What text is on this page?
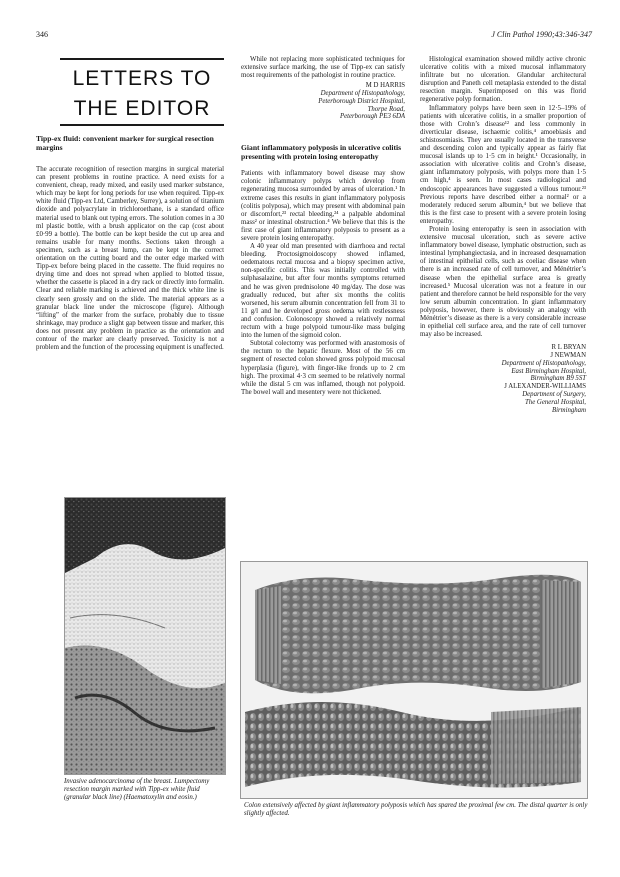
346	J Clin Pathol 1990;43:346-347
LETTERS TO
THE EDITOR
Tipp-ex fluid: convenient marker for surgical resection margins

The accurate recognition of resection margins in surgical material can present problems in routine practice. A need exists for a convenient, cheap, ready mixed, and easily used marker substance, which may be kept for long periods for use when required. Tipp-ex white fluid (Tipp-ex Ltd, Camberley, Surrey), a solution of titanium dioxide and polyacrylate in trichloroethane, is a standard office material used to blank out typing errors. The solution comes in a 30 ml plastic bottle, with a brush applicator on the cap (cost about £0·99 a bottle). The bottle can be kept beside the cut up area and remains usable for many months. Sections taken through a specimen, such as a breast lump, can be kept in the correct orientation on the cutting board and the outer edge marked with Tipp-ex before being placed in the cassette. The fluid requires no drying time and does not spread when applied to blotted tissue, whether the cassette is placed in a dry rack or directly into formalin. Clear and reliable marking is achieved and the thick white line is clearly seen grossly and on the slide. The material appears as a granular black line under the microscope (figure). Although “lifting” of the marker from the surface, probably due to tissue shrinkage, may produce a slight gap between tissue and marker, this does not present any problem in practice as the orientation and contour of the marker are clearly preserved. Toxicity is not a problem and the function of the processing equipment is unaffected.

Invasive adenocarcinoma of the breast. Lumpectomy resection margin marked with Tipp-ex white fluid (granular black line) (Haematoxylin and eosin.)

While not replacing more sophisticated techniques for extensive surface marking, the use of Tipp-ex can satisfy most requirements of the pathologist in routine practice.

M D HARRIS
Department of Histopathology,
Peterborough District Hospital,
Thorpe Road,
Peterborough PE3 6DA
Giant inflammatory polyposis in ulcerative colitis presenting with protein losing enteropathy

Patients with inflammatory bowel disease may show colonic inflammatory polyps which develop from regenerating mucosa surrounded by areas of ulceration.¹ In extreme cases this results in giant inflammatory polyposis (colitis polyposa), which may present with abdominal pain or discomfort,²³ rectal bleeding,²⁴ a palpable abdominal mass² or intestinal obstruction.⁴ We believe that this is the first case of giant inflammatory polyposis to present as a severe protein losing enteropathy.

A 40 year old man presented with diarrhoea and rectal bleeding. Proctosigmoidoscopy showed inflamed, oedematous rectal mucosa and a biopsy specimen active, non-specific colitis. This was initially controlled with sulphasalazine, but after four months symptoms returned and he was given prednisolone 40 mg/day. The dose was gradually reduced, but after six months the colitis worsened, his serum albumin concentration fell from 31 to 11 g/l and he developed gross oedema with restlessness and confusion. Colonoscopy showed a relatively normal rectum with a huge polypoid tumour-like mass bulging into the lumen of the sigmoid colon.

Subtotal colectomy was performed with anastomosis of the rectum to the hepatic flexure. Most of the 56 cm segment of resected colon showed gross polypoid mucosal hyperplasia (figure), with finger-like fronds up to 2 cm high. The proximal 4·3 cm seemed to be relatively normal while the distal 5 cm was inflamed, though not polypoid. The bowel wall and mesentery were not thickened.

Histological examination showed mildly active chronic ulcerative colitis with a mixed mucosal inflammatory infiltrate but no ulceration. Glandular architectural disruption and Paneth cell metaplasia extended to the distal resection margin. Superimposed on this was florid regenerative polyp formation.

Inflammatory polyps have been seen in 12·5–19% of patients with ulcerative colitis, in a smaller proportion of those with Crohn’s disease¹² and less commonly in diverticular disease, ischaemic colitis,⁴ amoebiasis and schistosomiasis. They are usually located in the transverse and descending colon and typically appear as fairly flat mucosal islands up to 1·5 cm in height.¹ Occasionally, in association with ulcerative colitis and Crohn’s disease, giant inflammatory polyposis, with polyps more than 1·5 cm high,⁴ is seen. In most cases radiological and endoscopic appearances have suggested a villous tumour.²³ Previous reports have described either a normal² or a moderately reduced serum albumin,⁴ but we believe that this is the first case to present with a severe protein losing enteropathy.

Protein losing enteropathy is seen in association with extensive mucosal ulceration, such as severe active inflammatory bowel disease, lymphatic obstruction, such as intestinal lymphangiectasia, and in increased desquamation of intestinal epithelial cells, such as coeliac disease when there is an increased rate of cell turnover, and Ménétrier’s disease when the epithelial surface area is greatly increased.⁵ Mucosal ulceration was not a feature in our patient and therefore cannot be held responsible for the very low serum albumin concentration. In giant inflammatory polyposis, however, there is obviously an analogy with Ménétrier’s disease as there is a very considerable increase in epithelial cell surface area, and the rate of cell turnover may also be increased.

R L BRYAN
J NEWMAN
Department of Histopathology,
East Birmingham Hospital,
Birmingham B9 5ST
J ALEXANDER-WILLIAMS
Department of Surgery,
The General Hospital,
Birmingham
Colon extensively affected by giant inflammatory polyposis which has spared the proximal few cm. The distal quarter is only slightly affected.
